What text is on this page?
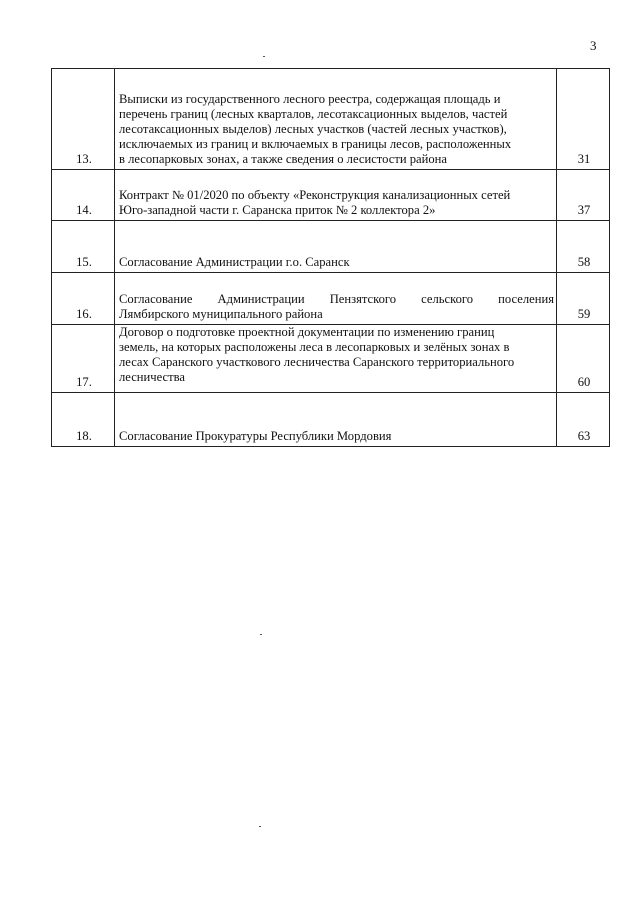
3
13.	Выписки из государственного лесного реестра, содержащая площадь и
перечень границ (лесных кварталов, лесотаксационных выделов, частей
лесотаксационных выделов) лесных участков (частей лесных участков),
исключаемых из границ и включаемых в границы лесов, расположенных
в лесопарковых зонах, а также сведения о лесистости района	31
14.	Контракт № 01/2020 по объекту «Реконструкция канализационных сетей
Юго-западной части г. Саранска приток № 2 коллектора 2»	37
15.	Согласование Администрации г.о. Саранск	58
16.	Согласование Администрации Пензятского сельского поселения
Лямбирского муниципального района	59
17.	Договор о подготовке проектной документации по изменению границ
земель, на которых расположены леса в лесопарковых и зелёных зонах в
лесах Саранского участкового лесничества Саранского территориального
лесничества	60
18.	Согласование Прокуратуры Республики Мордовия	63
